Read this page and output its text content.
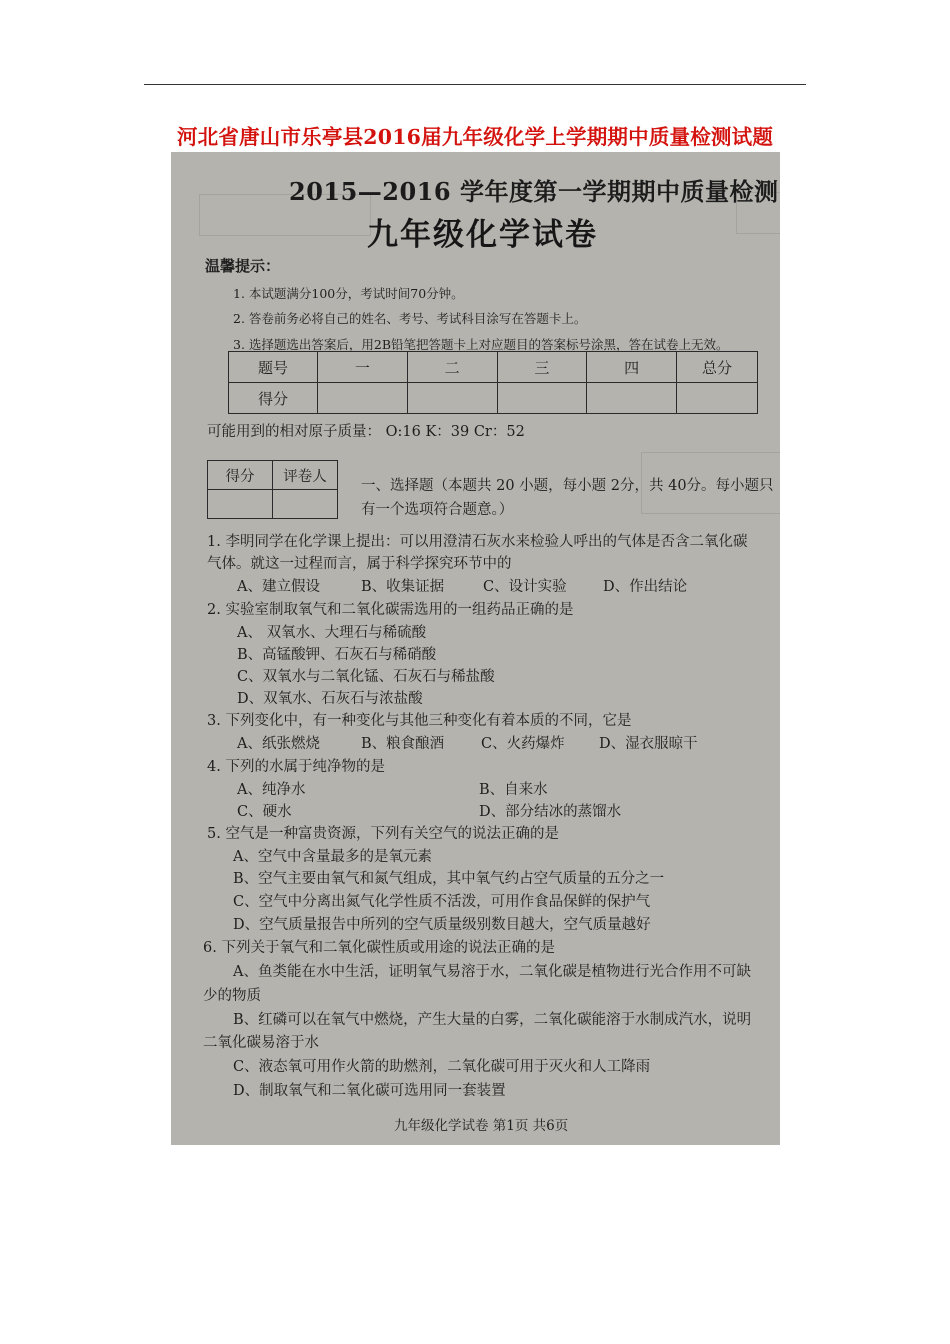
河北省唐山市乐亭县2016届九年级化学上学期期中质量检测试题
2015—2016 学年度第一学期期中质量检测
九年级化学试卷
温馨提示：
1. 本试题满分100分，考试时间70分钟。
2. 答卷前务必将自己的姓名、考号、考试科目涂写在答题卡上。
3. 选择题选出答案后，用2B铅笔把答题卡上对应题目的答案标号涂黑，答在试卷上无效。
题号	一	二	三	四	总分
得分					
可能用到的相对原子质量： O:16 K：39 Cr：52
得分	评卷人

一、选择题（本题共 20 小题，每小题 2分，共 40分。每小题只
有一个选项符合题意。）
1. 李明同学在化学课上提出：可以用澄清石灰水来检验人呼出的气体是否含二氧化碳
气体。就这一过程而言，属于科学探究环节中的
A、建立假设	B、收集证据	C、设计实验	D、作出结论
2. 实验室制取氧气和二氧化碳需选用的一组药品正确的是
A、 双氧水、大理石与稀硫酸
B、高锰酸钾、石灰石与稀硝酸
C、双氧水与二氧化锰、石灰石与稀盐酸
D、双氧水、石灰石与浓盐酸
3. 下列变化中，有一种变化与其他三种变化有着本质的不同，它是
A、纸张燃烧	B、粮食酿酒	C、火药爆炸 D、湿衣服晾干
4. 下列的水属于纯净物的是
A、纯净水	B、自来水
C、硬水	D、部分结冰的蒸馏水
5. 空气是一种富贵资源，下列有关空气的说法正确的是
A、空气中含量最多的是氧元素
B、空气主要由氧气和氮气组成，其中氧气约占空气质量的五分之一
C、空气中分离出氮气化学性质不活泼，可用作食品保鲜的保护气
D、空气质量报告中所列的空气质量级别数目越大，空气质量越好
6. 下列关于氧气和二氧化碳性质或用途的说法正确的是
A、鱼类能在水中生活，证明氧气易溶于水，二氧化碳是植物进行光合作用不可缺
少的物质
B、红磷可以在氧气中燃烧，产生大量的白雾，二氧化碳能溶于水制成汽水，说明
二氧化碳易溶于水
C、液态氧可用作火箭的助燃剂，二氧化碳可用于灭火和人工降雨
D、制取氧气和二氧化碳可选用同一套装置
九年级化学试卷 第1页 共6页
